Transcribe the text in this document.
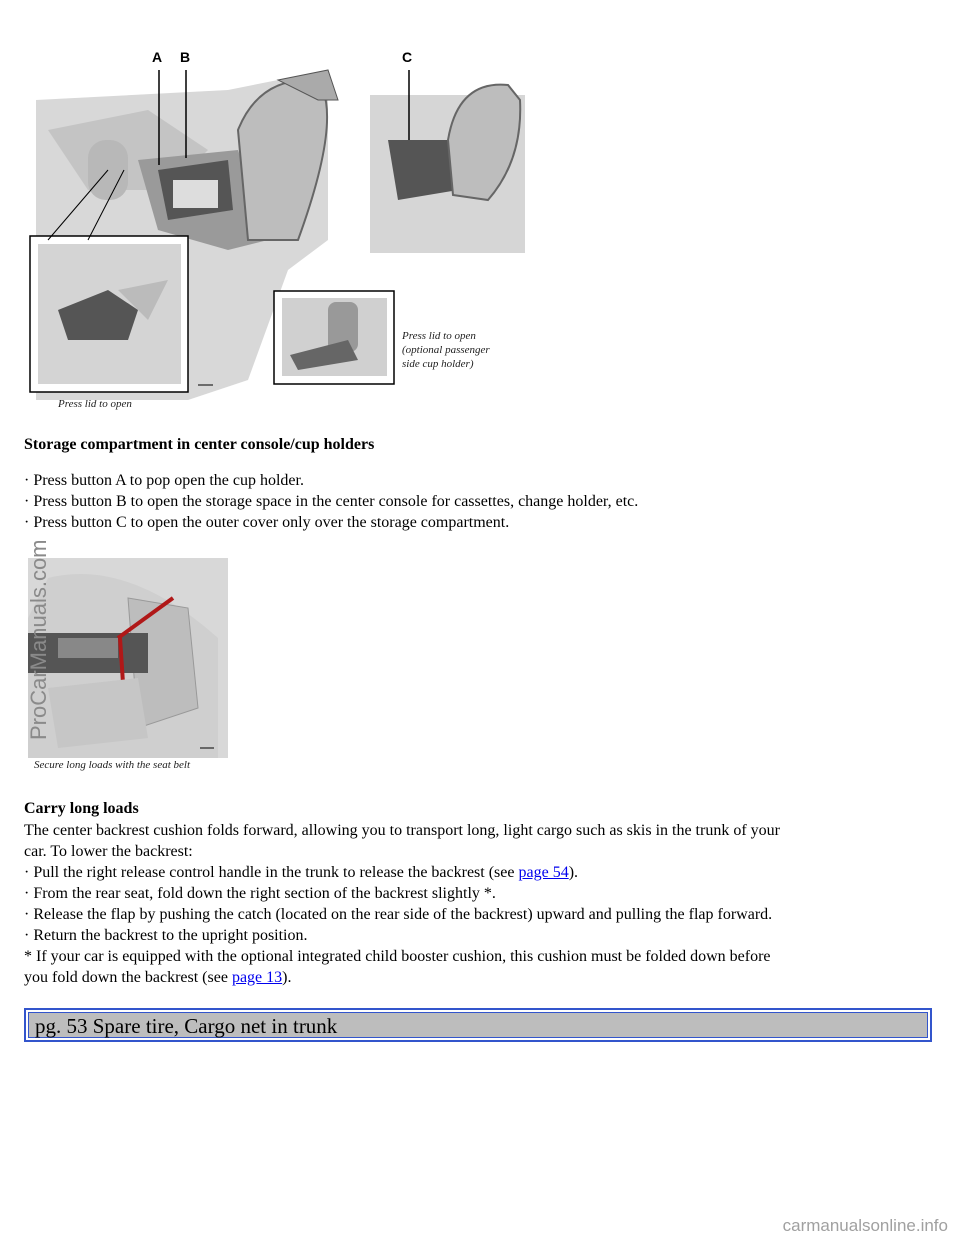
A B	C
Press lid to open
Press lid to open
(optional passenger
side cup holder)
Storage compartment in center console/cup holders
· Press button A to pop open the cup holder.
· Press button B to open the storage space in the center console for cassettes, change holder, etc.
· Press button C to open the outer cover only over the storage compartment.
Secure long loads with the seat belt
Carry long loads
The center backrest cushion folds forward, allowing you to transport long, light cargo such as skis in the trunk of your
car. To lower the backrest:
· Pull the right release control handle in the trunk to release the backrest (see page 54).
· From the rear seat, fold down the right section of the backrest slightly *.
· Release the flap by pushing the catch (located on the rear side of the backrest) upward and pulling the flap forward.
· Return the backrest to the upright position.
* If your car is equipped with the optional integrated child booster cushion, this cushion must be folded down before
you fold down the backrest (see page 13).
pg. 53 Spare tire, Cargo net in trunk
ProCarManuals.com
carmanualsonline.info
